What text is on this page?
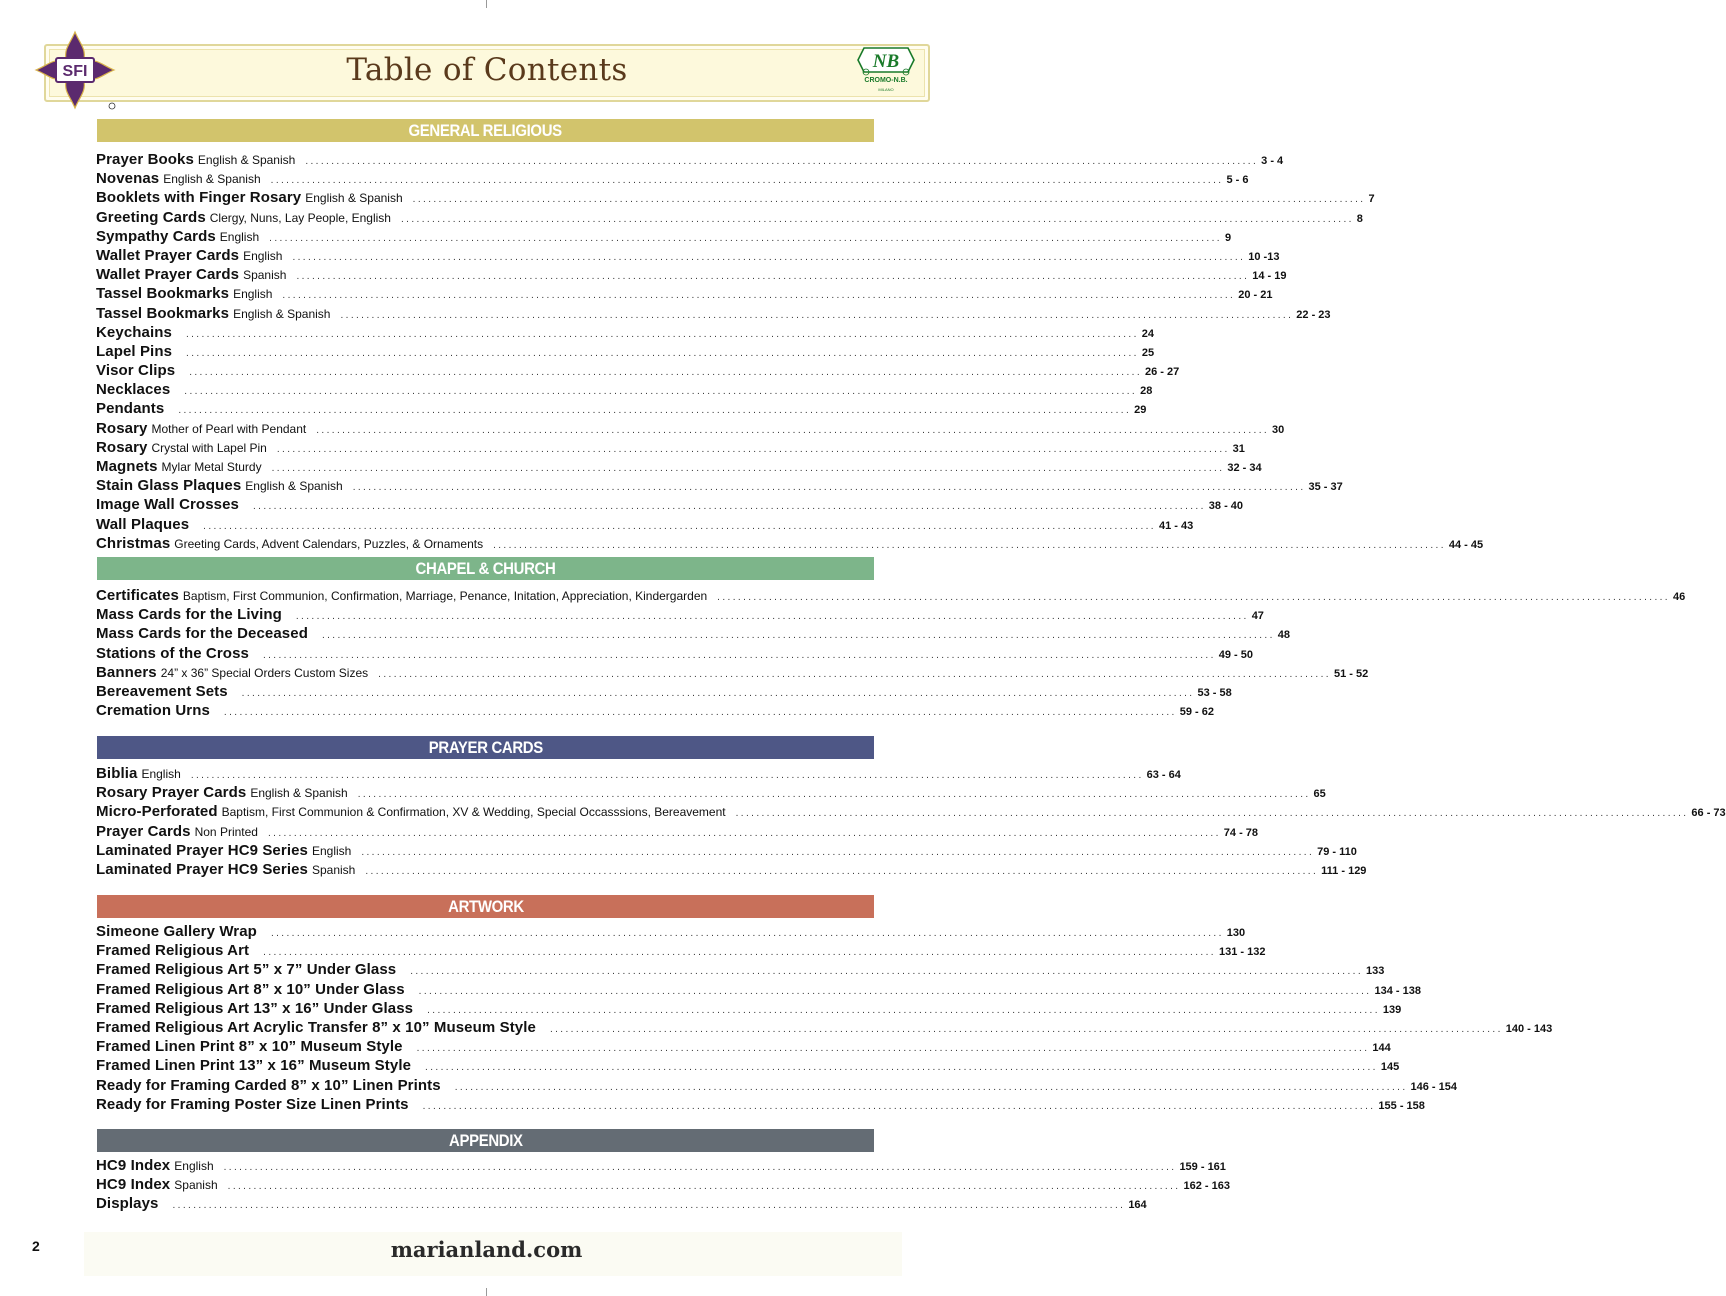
Table of Contents
SFI	NB
CROMO-N.B.
MILANO
GENERAL RELIGIOUS
Prayer Books English & Spanish ........................................................................................................................................................................................ 3 - 4
Novenas English & Spanish ........................................................................................................................................................................................ 5 - 6
Booklets with Finger Rosary English & Spanish ........................................................................................................................................................................................ 7
Greeting Cards Clergy, Nuns, Lay People, English ........................................................................................................................................................................................ 8
Sympathy Cards English ........................................................................................................................................................................................ 9
Wallet Prayer Cards English ........................................................................................................................................................................................ 10 -13
Wallet Prayer Cards Spanish ........................................................................................................................................................................................ 14 - 19
Tassel Bookmarks English ........................................................................................................................................................................................ 20 - 21
Tassel Bookmarks English & Spanish ........................................................................................................................................................................................ 22 - 23
Keychains ........................................................................................................................................................................................ 24
Lapel Pins ........................................................................................................................................................................................ 25
Visor Clips ........................................................................................................................................................................................ 26 - 27
Necklaces ........................................................................................................................................................................................ 28
Pendants ........................................................................................................................................................................................ 29
Rosary Mother of Pearl with Pendant ........................................................................................................................................................................................ 30
Rosary Crystal with Lapel Pin ........................................................................................................................................................................................ 31
Magnets Mylar Metal Sturdy ........................................................................................................................................................................................ 32 - 34
Stain Glass Plaques English & Spanish ........................................................................................................................................................................................ 35 - 37
Image Wall Crosses ........................................................................................................................................................................................ 38 - 40
Wall Plaques ........................................................................................................................................................................................ 41 - 43
Christmas Greeting Cards, Advent Calendars, Puzzles, & Ornaments ........................................................................................................................................................................................ 44 - 45
CHAPEL & CHURCH
Certificates Baptism, First Communion, Confirmation, Marriage, Penance, Initation, Appreciation, Kindergarden ........................................................................................................................................................................................ 46
Mass Cards for the Living ........................................................................................................................................................................................ 47
Mass Cards for the Deceased ........................................................................................................................................................................................ 48
Stations of the Cross ........................................................................................................................................................................................ 49 - 50
Banners 24” x 36” Special Orders Custom Sizes ........................................................................................................................................................................................ 51 - 52
Bereavement Sets ........................................................................................................................................................................................ 53 - 58
Cremation Urns ........................................................................................................................................................................................ 59 - 62
PRAYER CARDS
Biblia English ........................................................................................................................................................................................ 63 - 64
Rosary Prayer Cards English & Spanish ........................................................................................................................................................................................ 65
Micro-Perforated Baptism, First Communion & Confirmation, XV & Wedding, Special Occasssions, Bereavement ........................................................................................................................................................................................ 66 - 73
Prayer Cards Non Printed ........................................................................................................................................................................................ 74 - 78
Laminated Prayer HC9 Series English ........................................................................................................................................................................................ 79 - 110
Laminated Prayer HC9 Series Spanish ........................................................................................................................................................................................ 111 - 129
ARTWORK
Simeone Gallery Wrap ........................................................................................................................................................................................ 130
Framed Religious Art ........................................................................................................................................................................................ 131 - 132
Framed Religious Art 5” x 7” Under Glass ........................................................................................................................................................................................ 133
Framed Religious Art 8” x 10” Under Glass ........................................................................................................................................................................................ 134 - 138
Framed Religious Art 13” x 16” Under Glass ........................................................................................................................................................................................ 139
Framed Religious Art Acrylic Transfer 8” x 10” Museum Style ........................................................................................................................................................................................ 140 - 143
Framed Linen Print 8” x 10” Museum Style ........................................................................................................................................................................................ 144
Framed Linen Print 13” x 16” Museum Style ........................................................................................................................................................................................ 145
Ready for Framing Carded 8” x 10” Linen Prints ........................................................................................................................................................................................ 146 - 154
Ready for Framing Poster Size Linen Prints ........................................................................................................................................................................................ 155 - 158
APPENDIX
HC9 Index English ........................................................................................................................................................................................ 159 - 161
HC9 Index Spanish ........................................................................................................................................................................................ 162 - 163
Displays ........................................................................................................................................................................................ 164
2	marianland.com
